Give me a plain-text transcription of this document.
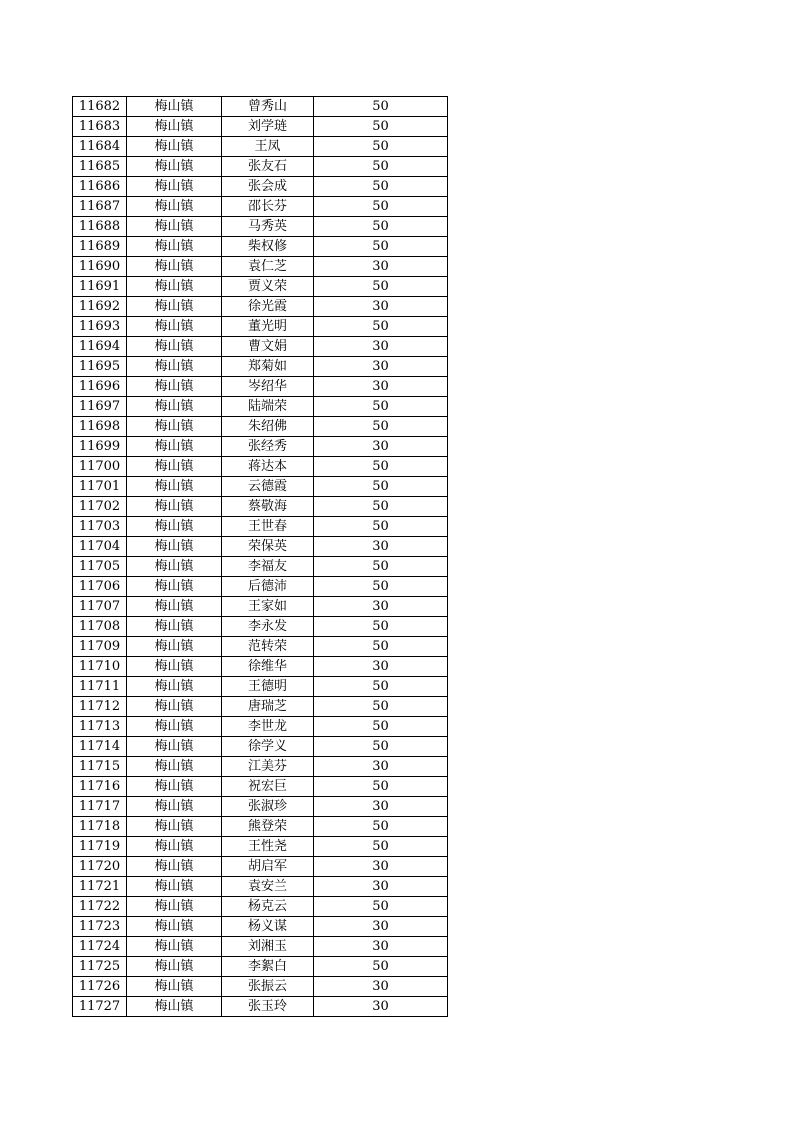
11682	梅山镇	曾秀山	50
11683	梅山镇	刘学琏	50
11684	梅山镇	王凤	50
11685	梅山镇	张友石	50
11686	梅山镇	张会成	50
11687	梅山镇	邵长芬	50
11688	梅山镇	马秀英	50
11689	梅山镇	柴权修	50
11690	梅山镇	袁仁芝	30
11691	梅山镇	贾义荣	50
11692	梅山镇	徐光霞	30
11693	梅山镇	董光明	50
11694	梅山镇	曹文娟	30
11695	梅山镇	郑菊如	30
11696	梅山镇	岑绍华	30
11697	梅山镇	陆端荣	50
11698	梅山镇	朱绍佛	50
11699	梅山镇	张经秀	30
11700	梅山镇	蒋达本	50
11701	梅山镇	云德霞	50
11702	梅山镇	蔡敬海	50
11703	梅山镇	王世春	50
11704	梅山镇	荣保英	30
11705	梅山镇	李福友	50
11706	梅山镇	后德沛	50
11707	梅山镇	王家如	30
11708	梅山镇	李永发	50
11709	梅山镇	范转荣	50
11710	梅山镇	徐维华	30
11711	梅山镇	王德明	50
11712	梅山镇	唐瑞芝	50
11713	梅山镇	李世龙	50
11714	梅山镇	徐学义	50
11715	梅山镇	江美芬	30
11716	梅山镇	祝宏巨	50
11717	梅山镇	张淑珍	30
11718	梅山镇	熊登荣	50
11719	梅山镇	王性尧	50
11720	梅山镇	胡启军	30
11721	梅山镇	袁安兰	30
11722	梅山镇	杨克云	50
11723	梅山镇	杨义谋	30
11724	梅山镇	刘湘玉	30
11725	梅山镇	李絮白	50
11726	梅山镇	张振云	30
11727	梅山镇	张玉玲	30
